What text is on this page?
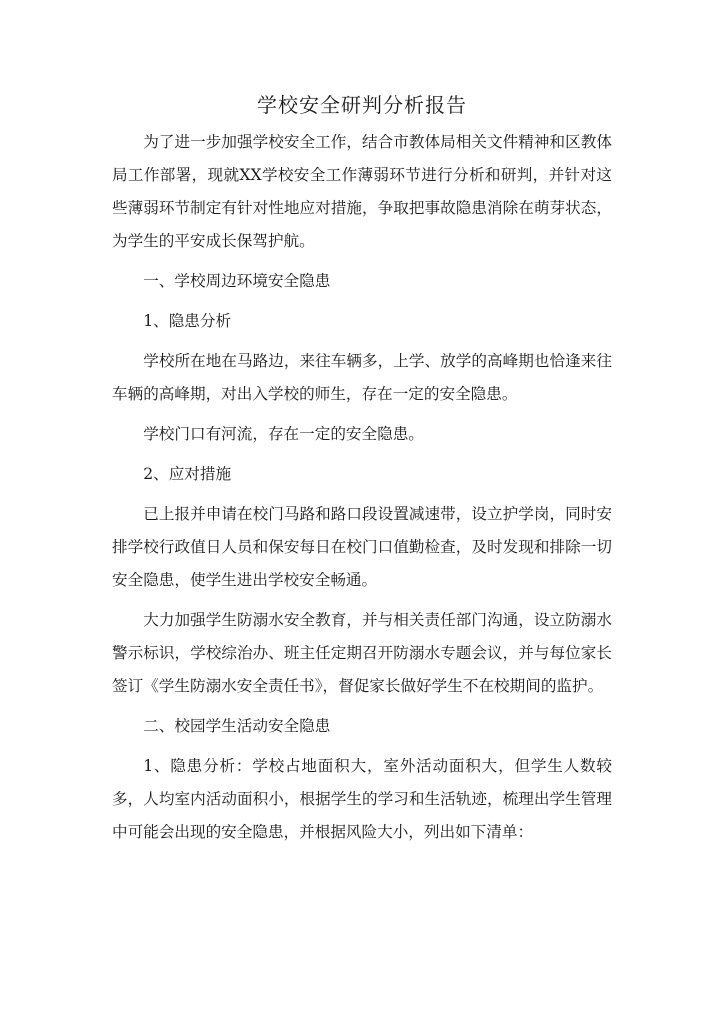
学校安全研判分析报告

为了进一步加强学校安全工作，结合市教体局相关文件精神和区教体局工作部署，现就XX学校安全工作薄弱环节进行分析和研判，并针对这些薄弱环节制定有针对性地应对措施，争取把事故隐患消除在萌芽状态，为学生的平安成长保驾护航。

一、学校周边环境安全隐患

1、隐患分析

学校所在地在马路边，来往车辆多，上学、放学的高峰期也恰逢来往车辆的高峰期，对出入学校的师生，存在一定的安全隐患。

学校门口有河流，存在一定的安全隐患。

2、应对措施

已上报并申请在校门马路和路口段设置减速带，设立护学岗，同时安排学校行政值日人员和保安每日在校门口值勤检查，及时发现和排除一切安全隐患，使学生进出学校安全畅通。

大力加强学生防溺水安全教育，并与相关责任部门沟通，设立防溺水警示标识，学校综治办、班主任定期召开防溺水专题会议，并与每位家长签订《学生防溺水安全责任书》，督促家长做好学生不在校期间的监护。

二、校园学生活动安全隐患

1、隐患分析：学校占地面积大，室外活动面积大，但学生人数较多，人均室内活动面积小，根据学生的学习和生活轨迹，梳理出学生管理中可能会出现的安全隐患，并根据风险大小，列出如下清单：
